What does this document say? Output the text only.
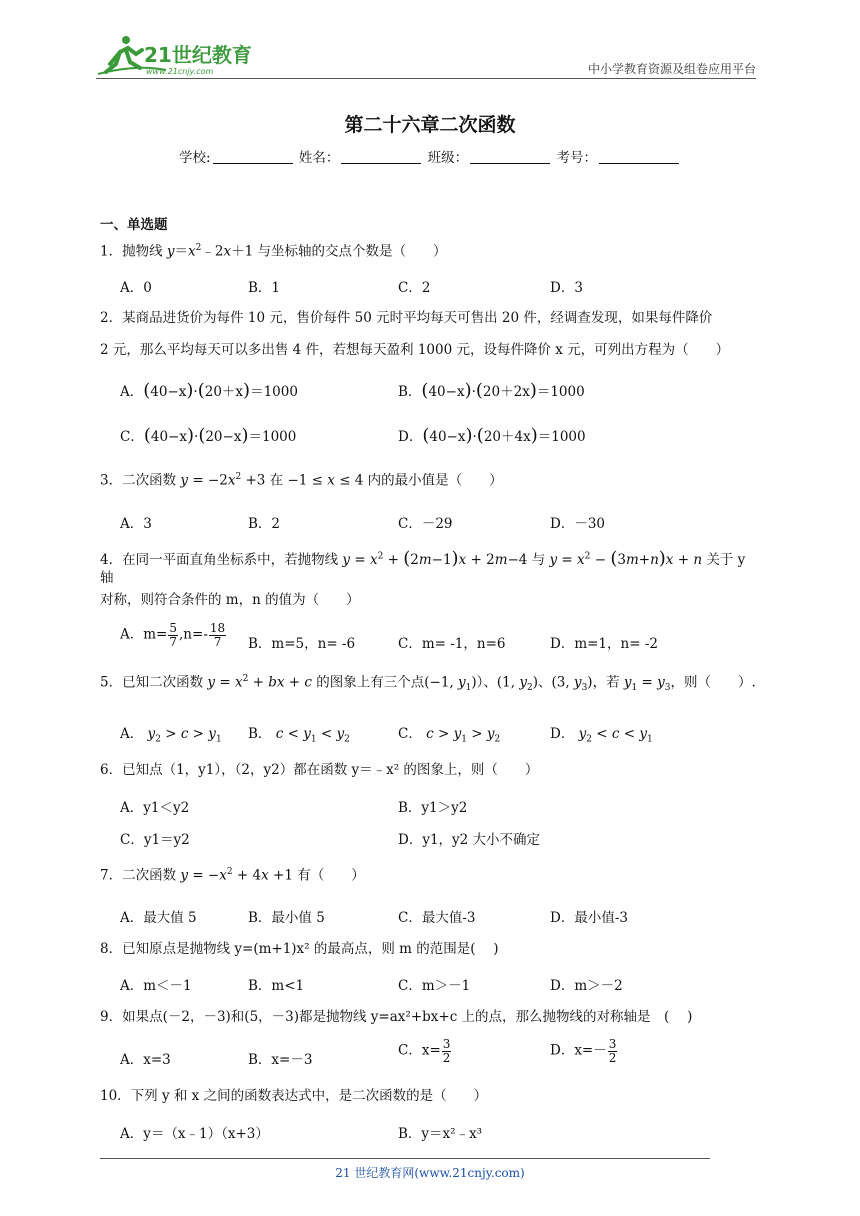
21世纪教育
www.21cnjy.com	中小学教育资源及组卷应用平台
第二十六章二次函数
学校:	姓名：	班级：	考号：
一、单选题
1．抛物线 $y=x^2﹣2x+1$ 与坐标轴的交点个数是（　　）
A．0	B．1	C．2	D．3
2．某商品进货价为每件 10 元，售价每件 50 元时平均每天可售出 20 件，经调查发现，如果每件降价
2 元，那么平均每天可以多出售 4 件，若想每天盈利 1000 元，设每件降价 x 元，可列出方程为（　　）
A．(40−x)·(20＋x)＝1000	B．(40−x)·(20＋2x)＝1000
C．(40−x)·(20−x)＝1000	D．(40−x)·(20＋4x)＝1000
3．二次函数 $y = -2x^2 +3$ 在 −1 ≤ x ≤ 4 内的最小值是（　　）
A．3	B．2	C．－29	D．－30
4．在同一平面直角坐标系中，若抛物线 $y = x^2 + (2m-1)x + 2m-4$ 与 $y = x^2 - (3m+n)x + n$ 关于 y 轴
对称，则符合条件的 m，n 的值为（　　）
A．$m= \frac{5}{7} ,n=- \frac{18}{7}$ B．m=5，n= -6	C．m= -1，n=6	D．m=1，n= -2
5．已知二次函数 $y = x^2$ + bx + c 的图象上有三个点(−1, $y_1$)）、(1, $y_2$)、(3, $y_3$)，若 $y_1 = y_3$，则（　　）.
A． $y_2 > c > y_1$ B． $c < y_1 < y_2$	C． $c > y_1 > y_2$	D． $y_2 < c < y_1$
6．已知点（1，y1），（2，y2）都在函数 y＝﹣x² 的图象上，则（　　）
A．y1＜y2	B．y1＞y2
C．y1＝y2	D．y1，y2 大小不确定
7．二次函数 $y = -x^2 + 4x +1$ 有（　　）
A．最大值 5	B．最小值 5	C．最大值-3	D．最小值-3
8．已知原点是抛物线 y=(m+1)x² 的最高点，则 m 的范围是(　 )
A．m＜－1	B．m<1	C．m＞－1	D．m＞－2
9．如果点(－2，－3)和(5，－3)都是抛物线 y=ax²+bx+c 上的点，那么抛物线的对称轴是　(　 )
A．x=3	B．x=－3
C．$x= \frac{3}{2}$	D．$x=- \frac{3}{2}$
10．下列 y 和 x 之间的函数表达式中，是二次函数的是（　　）
A．y＝（x﹣1）（x+3）	B．y＝x²﹣x³
21 世纪教育网(www.21cnjy.com)
